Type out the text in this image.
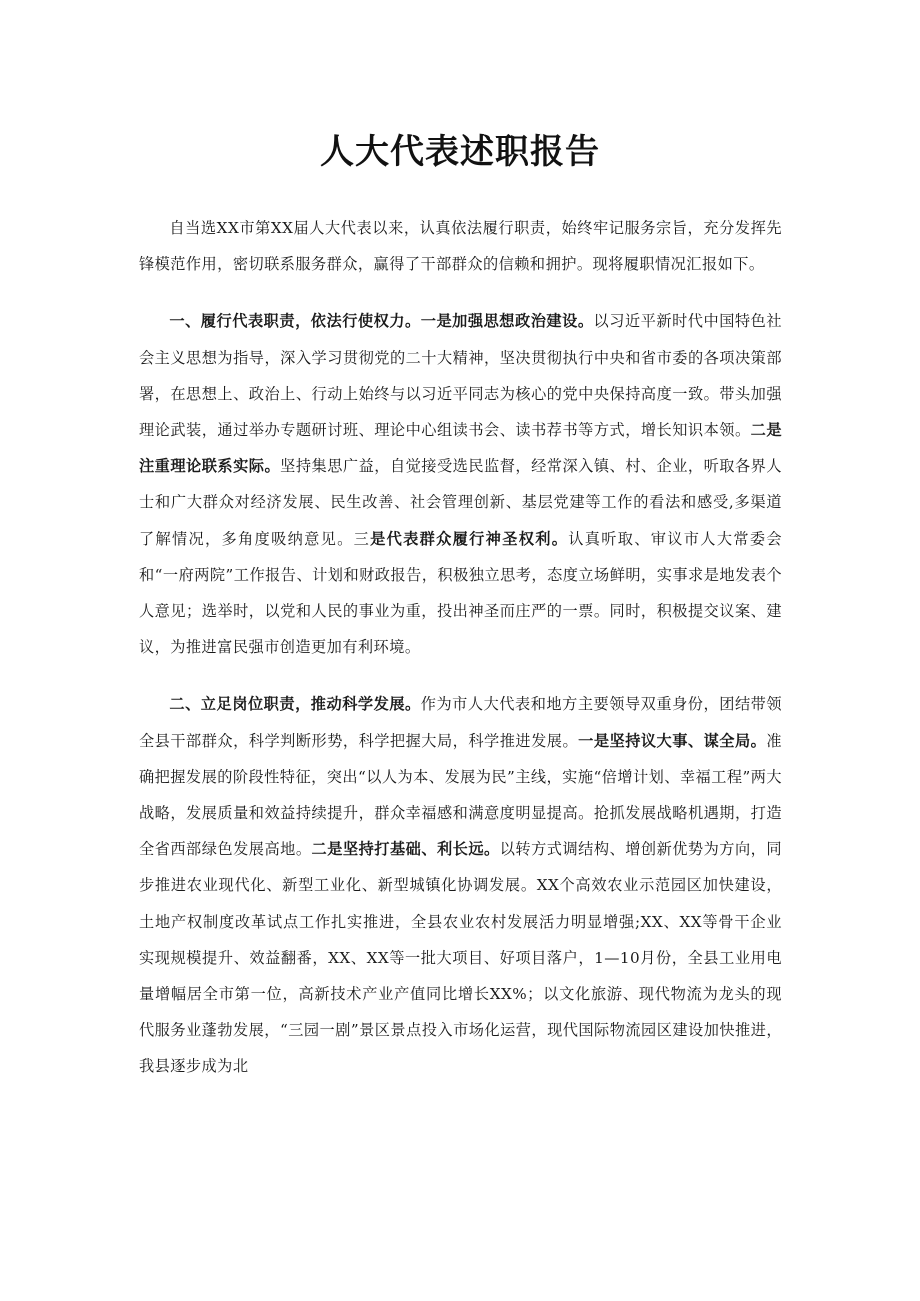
人大代表述职报告

自当选XX市第XX届人大代表以来，认真依法履行职责，始终牢记服务宗旨，充分发挥先锋模范作用，密切联系服务群众，赢得了干部群众的信赖和拥护。现将履职情况汇报如下。

一、履行代表职责，依法行使权力。一是加强思想政治建设。以习近平新时代中国特色社会主义思想为指导，深入学习贯彻党的二十大精神，坚决贯彻执行中央和省市委的各项决策部署，在思想上、政治上、行动上始终与以习近平同志为核心的党中央保持高度一致。带头加强理论武装，通过举办专题研讨班、理论中心组读书会、读书荐书等方式，增长知识本领。二是注重理论联系实际。坚持集思广益，自觉接受选民监督，经常深入镇、村、企业，听取各界人士和广大群众对经济发展、民生改善、社会管理创新、基层党建等工作的看法和感受,多渠道了解情况，多角度吸纳意见。三是代表群众履行神圣权利。认真听取、审议市人大常委会和“一府两院”工作报告、计划和财政报告，积极独立思考，态度立场鲜明，实事求是地发表个人意见；选举时，以党和人民的事业为重，投出神圣而庄严的一票。同时，积极提交议案、建议，为推进富民强市创造更加有利环境。

二、立足岗位职责，推动科学发展。作为市人大代表和地方主要领导双重身份，团结带领全县干部群众，科学判断形势，科学把握大局，科学推进发展。一是坚持议大事、谋全局。准确把握发展的阶段性特征，突出“以人为本、发展为民”主线，实施“倍增计划、幸福工程”两大战略，发展质量和效益持续提升，群众幸福感和满意度明显提高。抢抓发展战略机遇期，打造全省西部绿色发展高地。二是坚持打基础、利长远。以转方式调结构、增创新优势为方向，同步推进农业现代化、新型工业化、新型城镇化协调发展。XX个高效农业示范园区加快建设，土地产权制度改革试点工作扎实推进，全县农业农村发展活力明显增强;XX、XX等骨干企业实现规模提升、效益翻番，XX、XX等一批大项目、好项目落户，1—10月份，全县工业用电量增幅居全市第一位，高新技术产业产值同比增长XX%；以文化旅游、现代物流为龙头的现代服务业蓬勃发展，“三园一剧”景区景点投入市场化运营，现代国际物流园区建设加快推进，我县逐步成为北
